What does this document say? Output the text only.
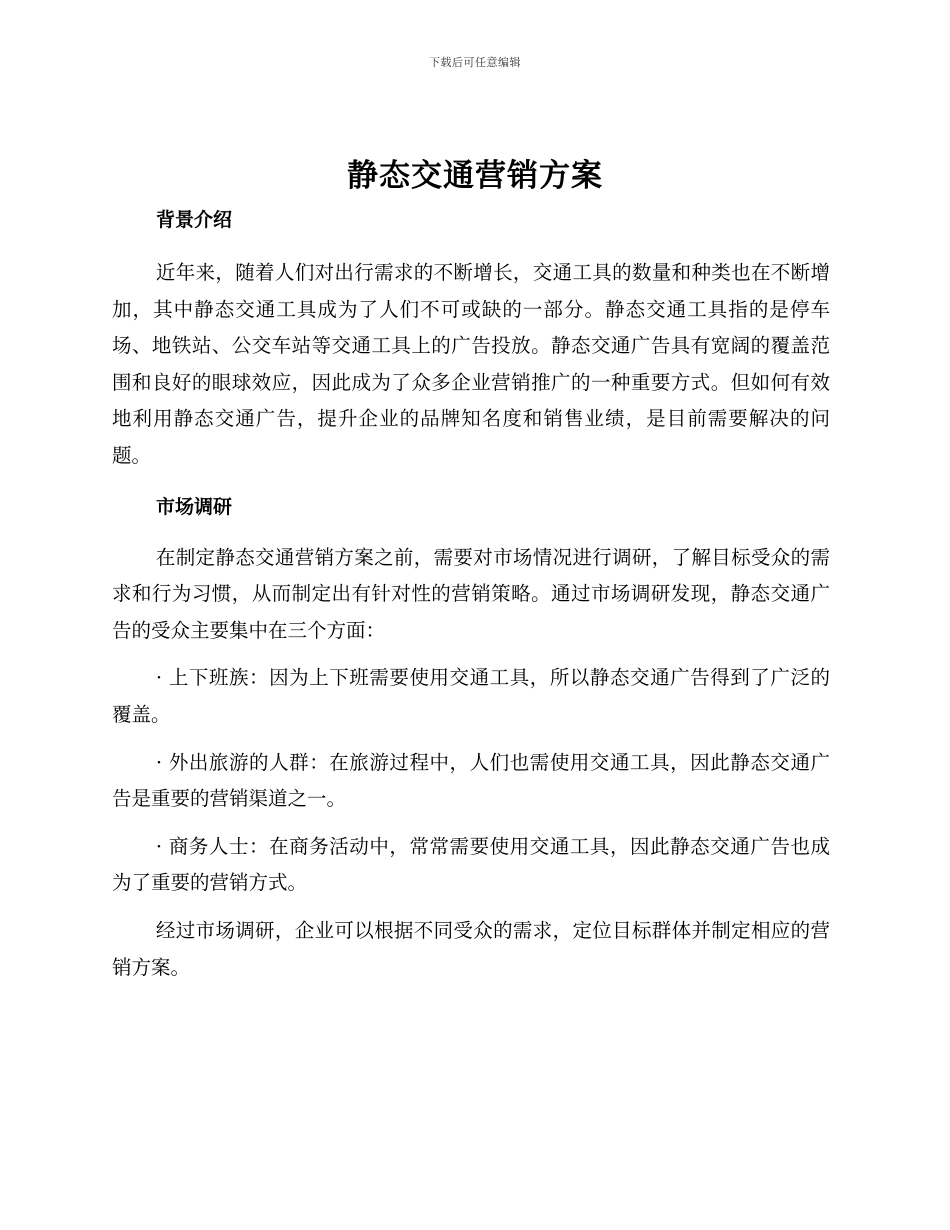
下载后可任意编辑
静态交通营销方案
背景介绍

近年来，随着人们对出行需求的不断增长，交通工具的数量和种类也在不断增加，其中静态交通工具成为了人们不可或缺的一部分。静态交通工具指的是停车场、地铁站、公交车站等交通工具上的广告投放。静态交通广告具有宽阔的覆盖范围和良好的眼球效应，因此成为了众多企业营销推广的一种重要方式。但如何有效地利用静态交通广告，提升企业的品牌知名度和销售业绩，是目前需要解决的问题。

市场调研

在制定静态交通营销方案之前，需要对市场情况进行调研，了解目标受众的需求和行为习惯，从而制定出有针对性的营销策略。通过市场调研发现，静态交通广告的受众主要集中在三个方面：

· 上下班族：因为上下班需要使用交通工具，所以静态交通广告得到了广泛的覆盖。

· 外出旅游的人群：在旅游过程中，人们也需使用交通工具，因此静态交通广告是重要的营销渠道之一。

· 商务人士：在商务活动中，常常需要使用交通工具，因此静态交通广告也成为了重要的营销方式。

经过市场调研，企业可以根据不同受众的需求，定位目标群体并制定相应的营销方案。
